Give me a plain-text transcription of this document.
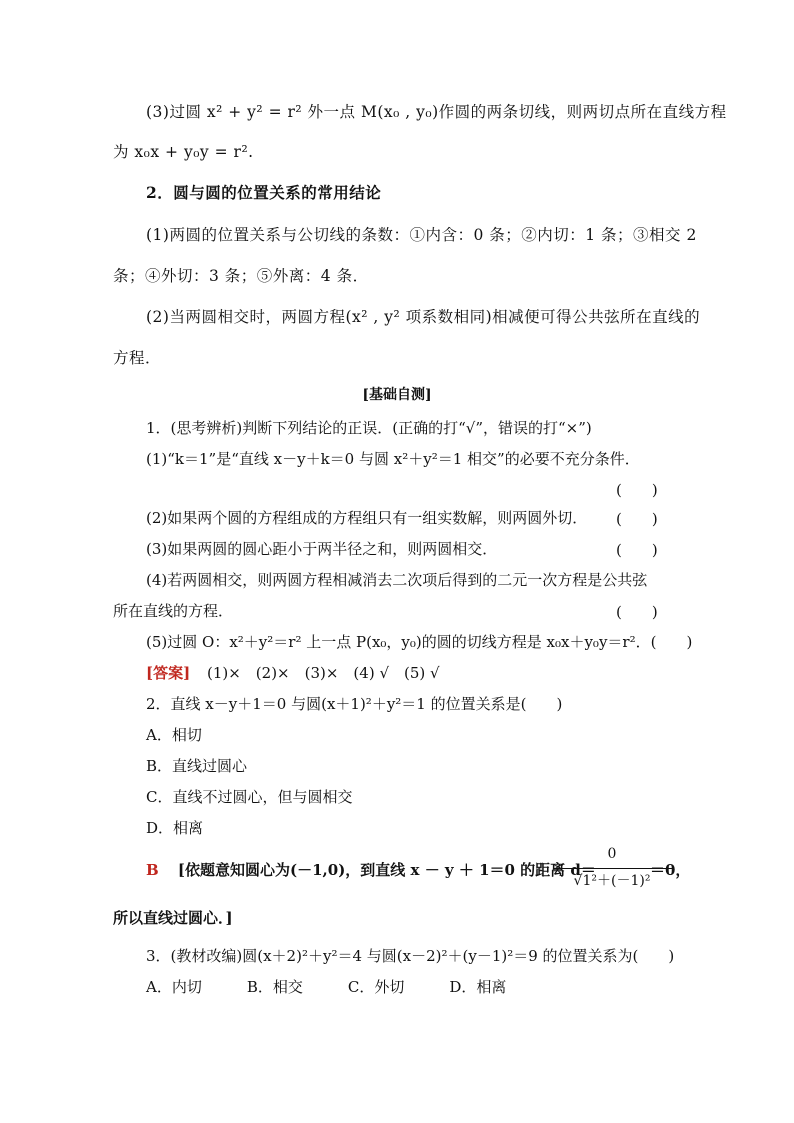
(3)过圆 x² + y² = r² 外一点 M(x₀ , y₀)作圆的两条切线，则两切点所在直线方程
为 x₀x + y₀y = r².
2．圆与圆的位置关系的常用结论
(1)两圆的位置关系与公切线的条数：①内含：0 条；②内切：1 条；③相交 2
条；④外切：3 条；⑤外离：4 条．
(2)当两圆相交时，两圆方程(x² , y² 项系数相同)相减便可得公共弦所在直线的
方程．
[基础自测]
1．(思考辨析)判断下列结论的正误．(正确的打“√”，错误的打“×”)
(1)“k＝1”是“直线 x－y＋k＝0 与圆 x²＋y²＝1 相交”的必要不充分条件．
(　　)
(2)如果两个圆的方程组成的方程组只有一组实数解，则两圆外切． (　　)
(3)如果两圆的圆心距小于两半径之和，则两圆相交．	(　　)
(4)若两圆相交，则两圆方程相减消去二次项后得到的二元一次方程是公共弦
所在直线的方程．	(　　)
(5)过圆 O：x²＋y²＝r² 上一点 P(x₀，y₀)的圆的切线方程是 x₀x＋y₀y＝r²．(　　)
[答案] (1)×　(2)×　(3)×　(4) √　(5) √
2．直线 x－y＋1＝0 与圆(x＋1)²＋y²＝1 的位置关系是(　　)
A．相切
B．直线过圆心
C．直线不过圆心，但与圆相交
D．相离
B [依题意知圆心为(－1,0)，到直线 x － y ＋ 1＝0 的距离 d＝
0
√1²＋(－1)²
＝0，
所以直线过圆心．]
3．(教材改编)圆(x＋2)²＋y²＝4 与圆(x－2)²＋(y－1)²＝9 的位置关系为(　　)
A．内切　　　B．相交　　　C．外切　　　D．相离
